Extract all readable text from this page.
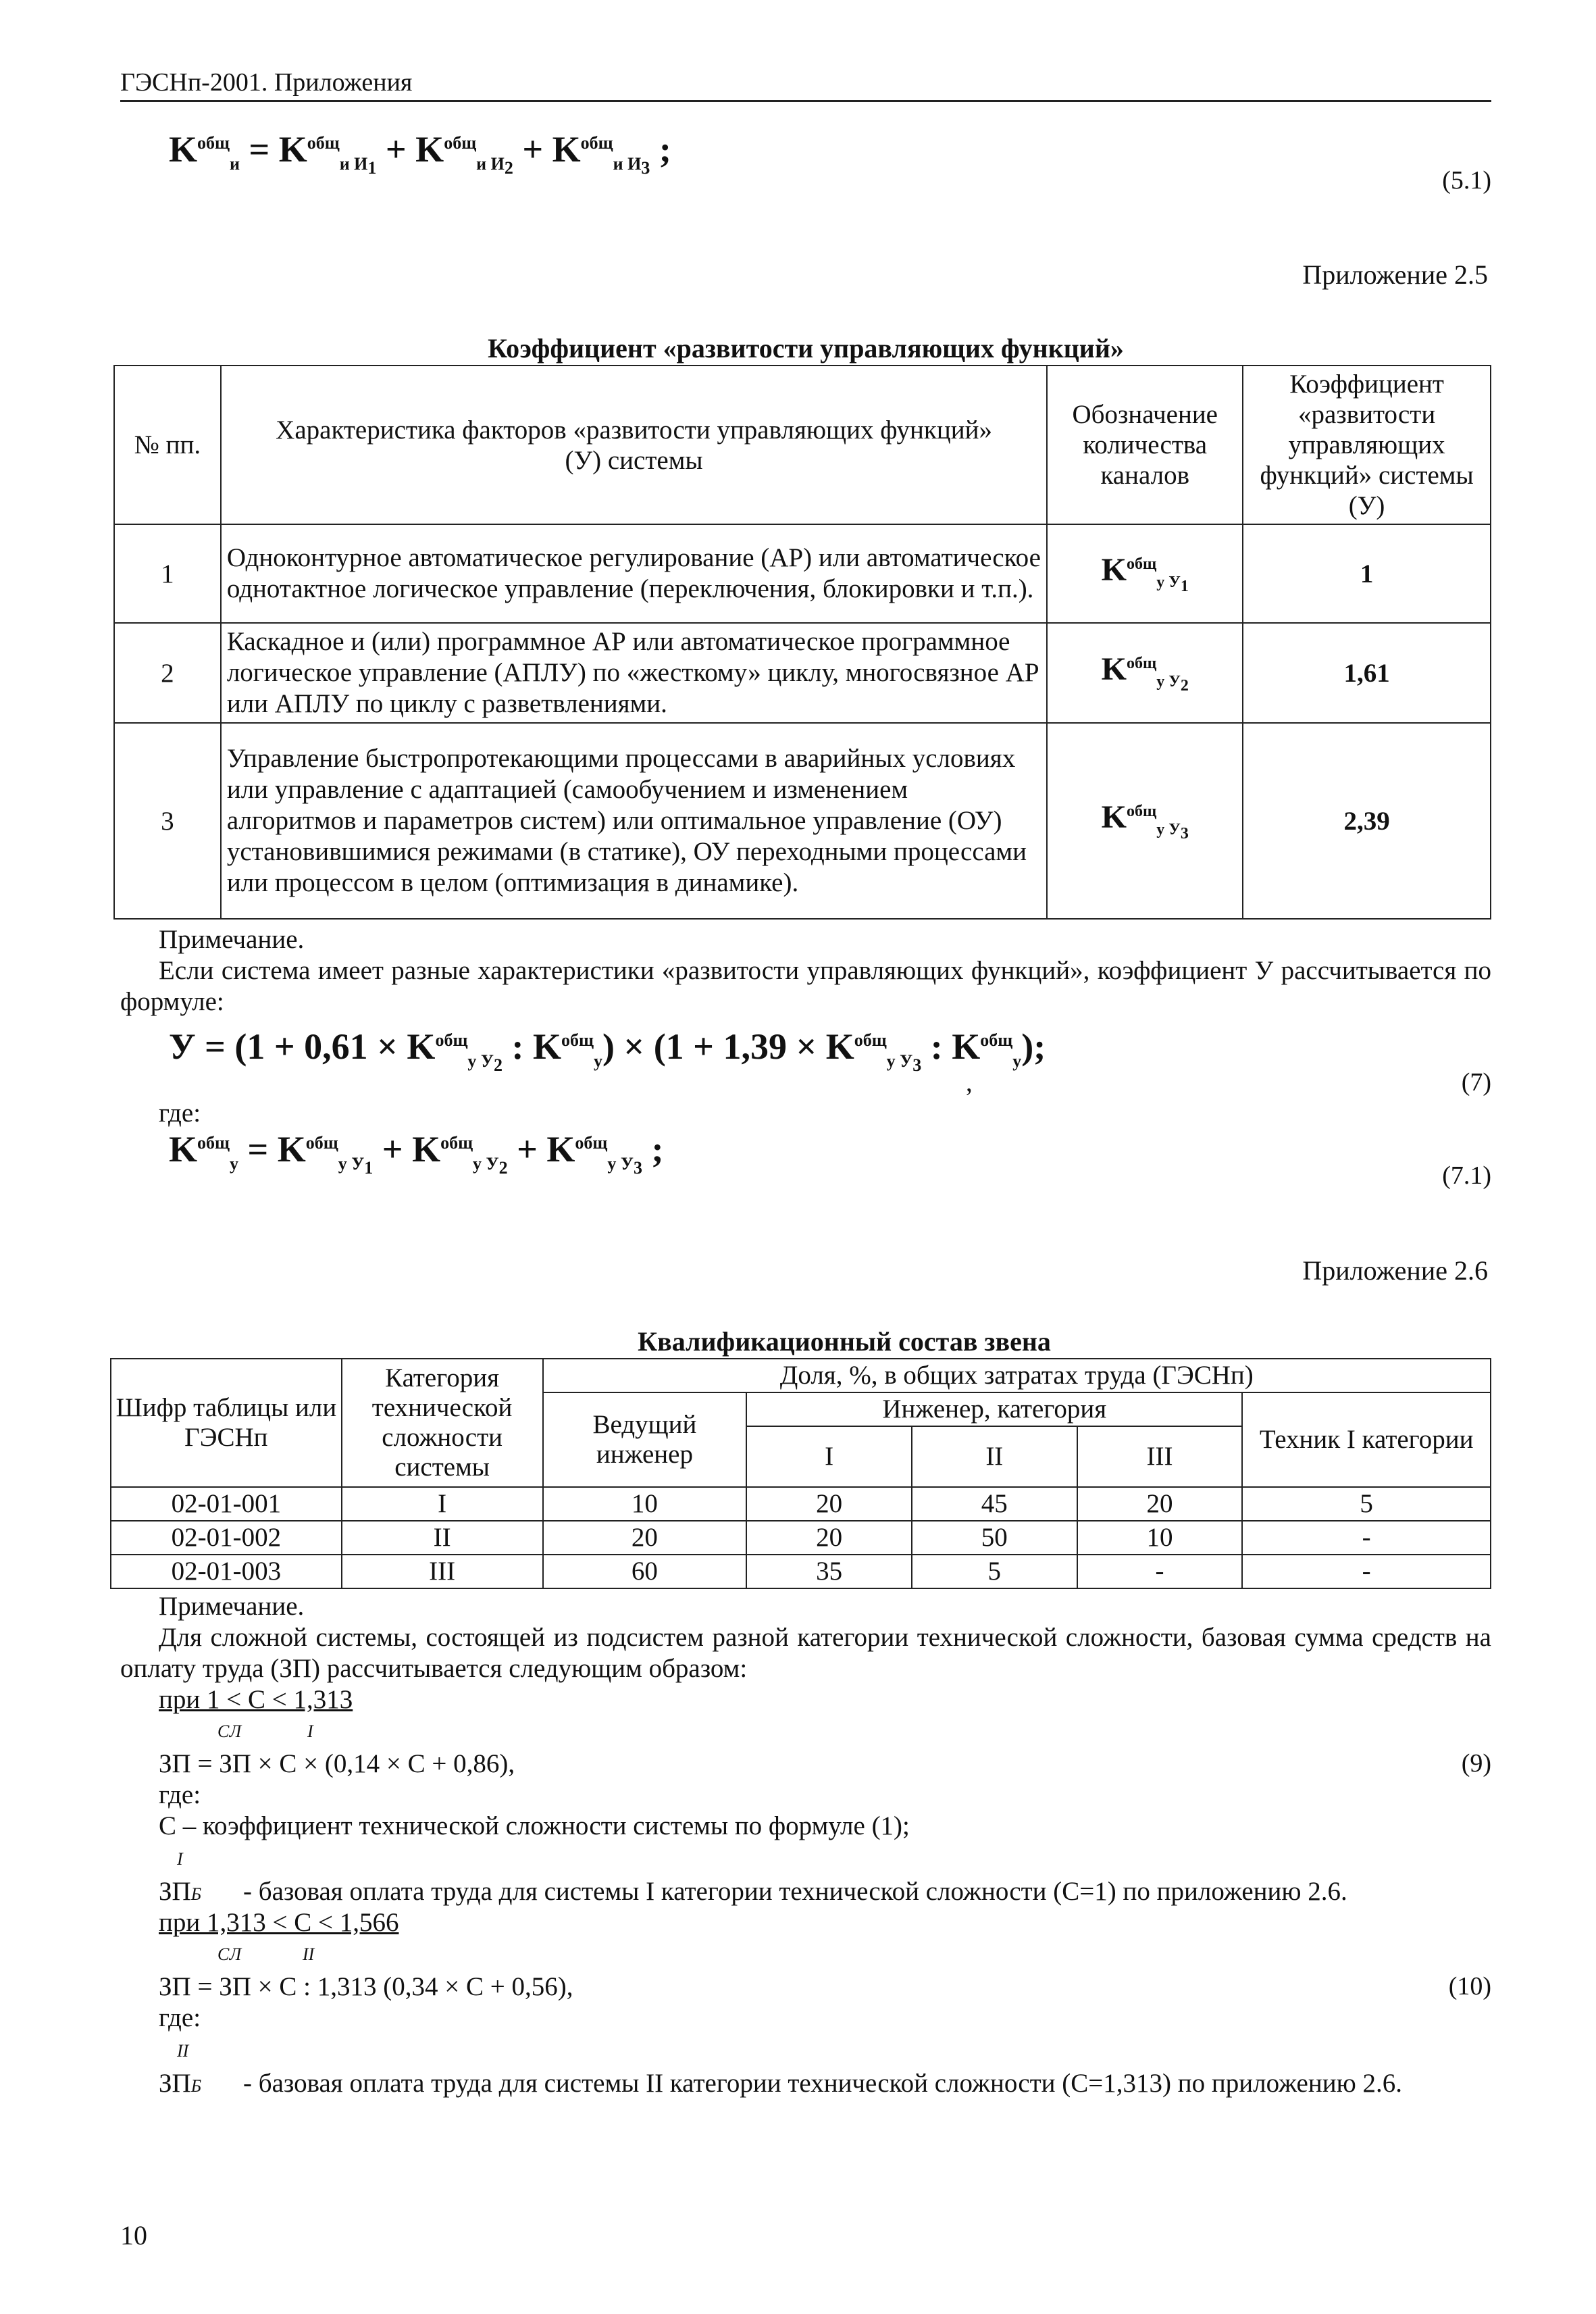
ГЭСНп-2001. Приложения
$K^{общ}_и = K^{общ}_{и И_1} + K^{общ}_{и И_2} + K^{общ}_{и И_3}$ ;
(5.1)
Приложение 2.5
Коэффициент «развитости управляющих функций»
№ пп.	Характеристика факторов «развитости управляющих функций» (У) системы	Обозначение количества каналов	Коэффициент «развитости управляющих функций» системы (У)
1	Одноконтурное автоматическое регулирование (АР) или автоматическое однотактное логическое управление (переключения, блокировки и т.п.).	$K^{общ}_{у У_1}$	1
2	Каскадное и (или) программное АР или автоматическое программное логическое управление (АПЛУ) по «жесткому» циклу, многосвязное АР или АПЛУ по циклу с разветвлениями.	$K^{общ}_{у У_2}$	1,61
3	Управление быстропротекающими процессами в аварийных условиях или управление с адаптацией (самообучением и изменением алгоритмов и параметров систем) или оптимальное управление (ОУ) установившимися режимами (в статике), ОУ переходными процессами или процессом в целом (оптимизация в динамике).	$K^{общ}_{у У_3}$	2,39
Примечание.
Если система имеет разные характеристики «развитости управляющих функций», коэффициент У рассчитывается по формуле:
$У = (1 + 0,61 \times K^{общ}_{у У_2}$ : $K^{общ}_у) \times (1 + 1,39 \times K^{общ}_{у У_3}$ : $K^{общ}_у$);
,	(7)
где:
$K^{общ}_у = K^{общ}_{у У_1} + K^{общ}_{у У_2} + K^{общ}_{у У_3}$ ;
(7.1)
Приложение 2.6
Квалификационный состав звена
Шифр таблицы или ГЭСНп	Категория технической сложности системы	Доля, %, в общих затратах труда (ГЭСНп)				
		Ведущий инженер	Инженер, категория			Техник I категории
			I	II	III	
02-01-001	I	10	20	45	20	5
02-01-002	II	20	20	50	10	-
02-01-003	III	60	35	5	-	-
Примечание.
Для сложной системы, состоящей из подсистем разной категории технической сложности, базовая сумма средств на оплату труда (ЗП) рассчитывается следующим образом:
при 1 < С < 1,313
СЛ	I
ЗП = ЗП × С × (0,14 × С + 0,86),	(9)
где:
С – коэффициент технической сложности системы по формуле (1);
I
ЗПБ - базовая оплата труда для системы I категории технической сложности (С=1) по приложению 2.6.
при 1,313 < С < 1,566
СЛ	II
ЗП = ЗП × С : 1,313 (0,34 × С + 0,56),	(10)
где:
II
ЗПБ - базовая оплата труда для системы II категории технической сложности (С=1,313) по приложению 2.6.
10
